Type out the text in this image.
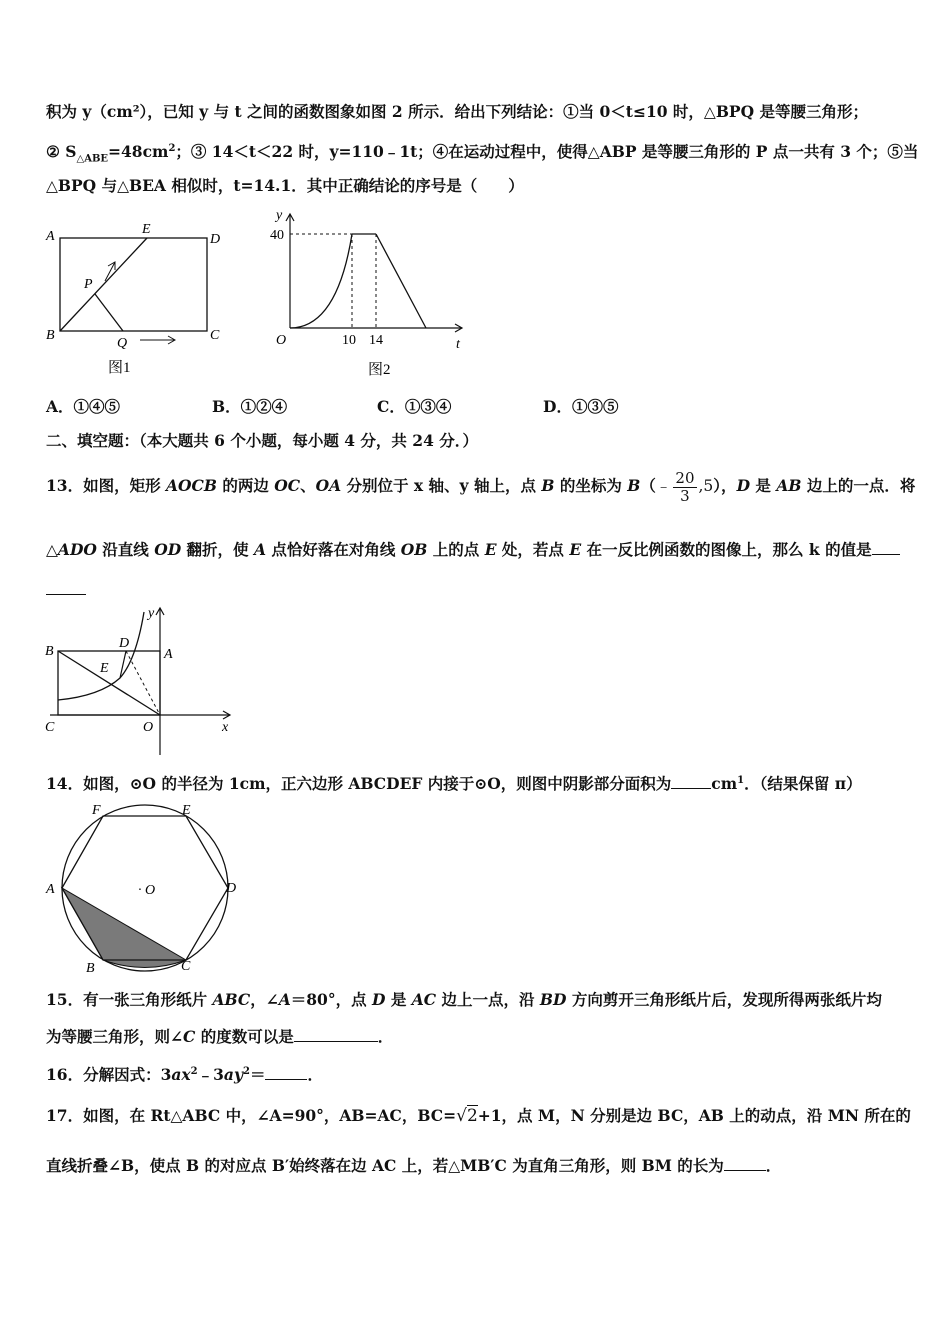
积为 y（cm²），已知 y 与 t 之间的函数图象如图 2 所示．给出下列结论：①当 0＜t≤10 时，△BPQ 是等腰三角形；
② $S_{\triangle ABE}=48cm^2$；③ 14＜t＜22 时，y=110﹣1t；④在运动过程中，使得△ABP 是等腰三角形的 P 点一共有 3 个；⑤当
△BPQ 与△BEA 相似时，t=14.1．其中正确结论的序号是（　　）
A	E
D
P
B
Q
C
图1
y
40
O	10 14	t
图2
A．①④⑤	B．①②④	C．①③④	D．①③⑤
二、填空题：（本大题共 6 个小题，每小题 4 分，共 24 分．）
13．如图，矩形 AOCB 的两边 OC、OA 分别位于 x 轴、y 轴上，点 B 的坐标为 B（﹣ $\frac{20}{3} ,5$），D 是 AB 边上的一点．将
△ADO 沿直线 OD 翻折，使 A 点恰好落在对角线 OB 上的点 E 处，若点 E 在一反比例函数的图像上，那么 k 的值是
B
D
y
A
E
C	O	x
14．如图，⊙O 的半径为 1cm，正六边形 ABCDEF 内接于⊙O，则图中阴影部分面积为	$cm^1$．（结果保留 π）
F	E
A	· O	D
B	C
15．有一张三角形纸片 ABC，∠A＝80°，点 D 是 AC 边上一点，沿 BD 方向剪开三角形纸片后，发现所得两张纸片均
为等腰三角形，则∠C 的度数可以是	．
16．分解因式：$3ax^2﹣3ay^2=$	．
17．如图，在 Rt△ABC 中，∠A=90°，AB=AC，BC=√2+1，点 M，N 分别是边 BC，AB 上的动点，沿 MN 所在的
直线折叠∠B，使点 B 的对应点 B′始终落在边 AC 上，若△MB′C 为直角三角形，则 BM 的长为	．
